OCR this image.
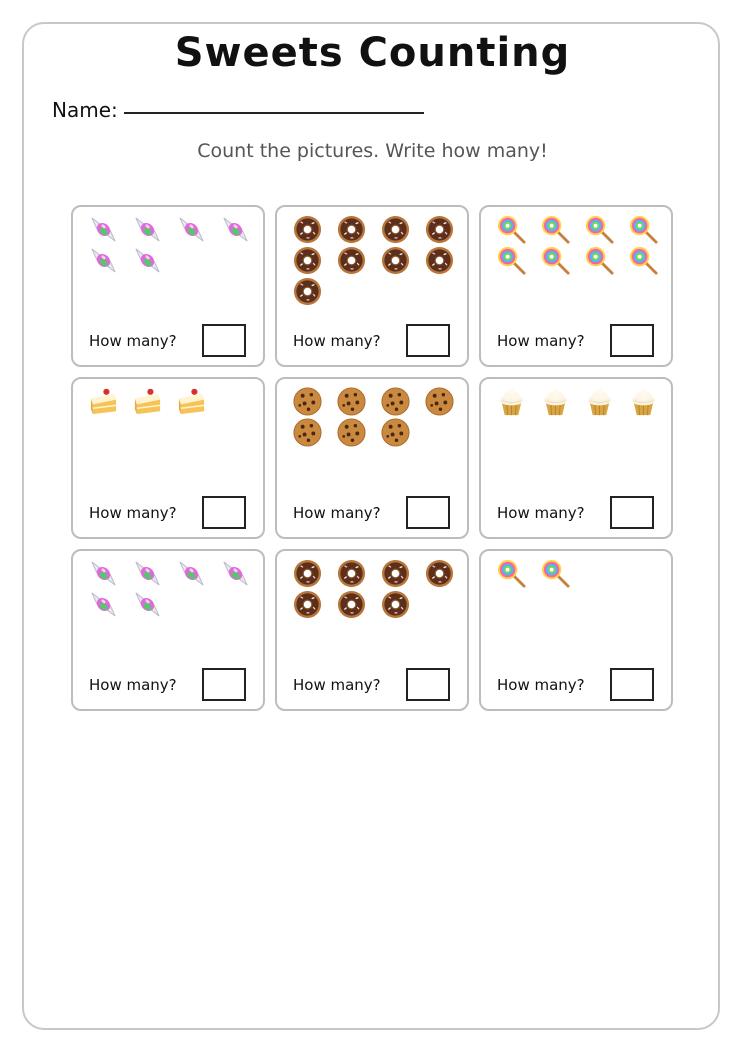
Sweets Counting
Name:
Count the pictures. Write how many!
How many?	How many?	How many?
How many?	How many?	How many?
How many?	How many?	How many?
